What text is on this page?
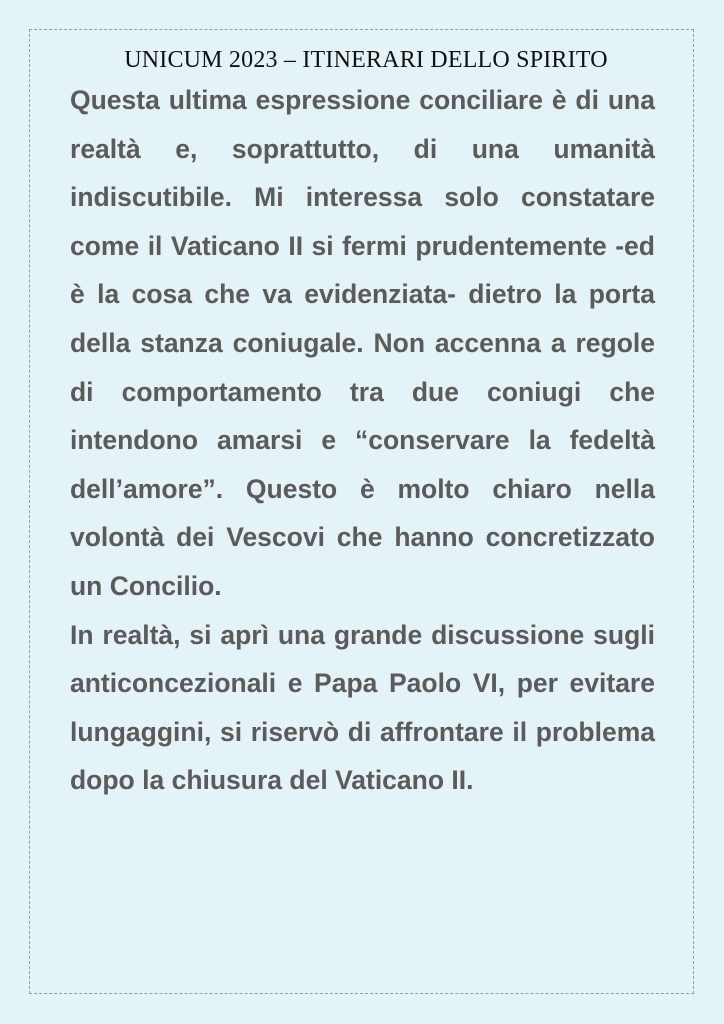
UNICUM 2023 – ITINERARI DELLO SPIRITO

Questa ultima espressione conciliare è di una realtà e, soprattutto, di una umanità indiscutibile. Mi interessa solo constatare come il Vaticano II si fermi prudentemente -ed è la cosa che va evidenziata- dietro la porta della stanza coniugale. Non accenna a regole di comportamento tra due coniugi che intendono amarsi e “conservare la fedeltà dell’amore”. Questo è molto chiaro nella volontà dei Vescovi che hanno concretizzato un Concilio.

In realtà, si aprì una grande discussione sugli anticoncezionali e Papa Paolo VI, per evitare lungaggini, si riservò di affrontare il problema dopo la chiusura del Vaticano II.
